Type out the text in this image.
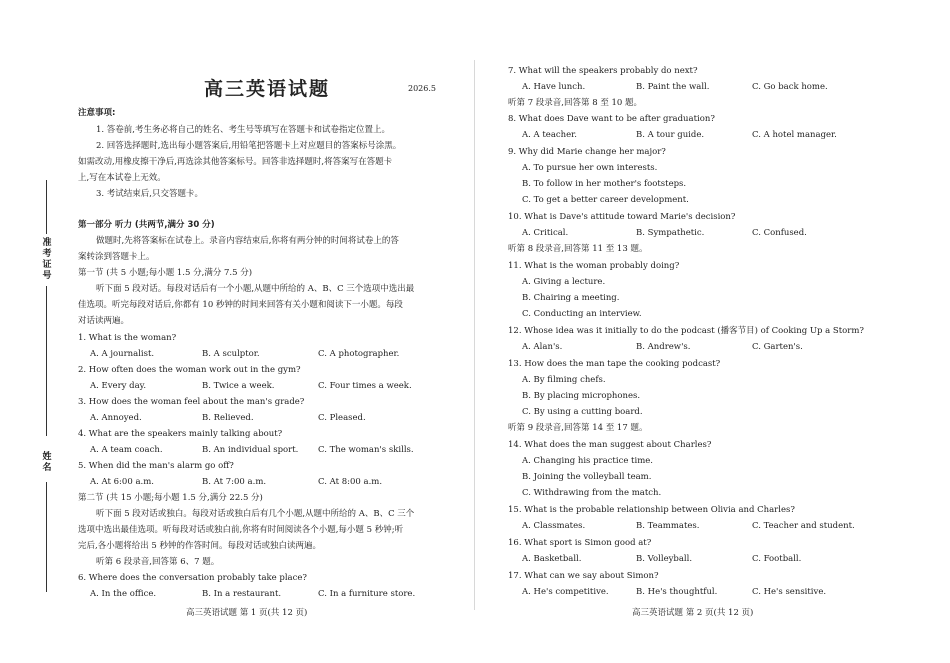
准考证号
姓名
高三英语试题	2026.5
注意事项:
1. 答卷前,考生务必将自己的姓名、考生号等填写在答题卡和试卷指定位置上。
2. 回答选择题时,选出每小题答案后,用铅笔把答题卡上对应题目的答案标号涂黑。
如需改动,用橡皮擦干净后,再选涂其他答案标号。回答非选择题时,将答案写在答题卡
上,写在本试卷上无效。
3. 考试结束后,只交答题卡。
第一部分 听力 (共两节,满分 30 分)
做题时,先将答案标在试卷上。录音内容结束后,你将有两分钟的时间将试卷上的答
案转涂到答题卡上。
第一节 (共 5 小题;每小题 1.5 分,满分 7.5 分)
听下面 5 段对话。每段对话后有一个小题,从题中所给的 A、B、C 三个选项中选出最
佳选项。听完每段对话后,你都有 10 秒钟的时间来回答有关小题和阅读下一小题。每段
对话读两遍。
1. What is the woman?
A. A journalist.	B. A sculptor.	C. A photographer.
2. How often does the woman work out in the gym?
A. Every day.	B. Twice a week.	C. Four times a week.
3. How does the woman feel about the man's grade?
A. Annoyed.	B. Relieved.	C. Pleased.
4. What are the speakers mainly talking about?
A. A team coach.	B. An individual sport. C. The woman's skills.
5. When did the man's alarm go off?
A. At 6:00 a.m.	B. At 7:00 a.m.	C. At 8:00 a.m.
第二节 (共 15 小题;每小题 1.5 分,满分 22.5 分)
听下面 5 段对话或独白。每段对话或独白后有几个小题,从题中所给的 A、B、C 三个
选项中选出最佳选项。听每段对话或独白前,你将有时间阅读各个小题,每小题 5 秒钟;听
完后,各小题将给出 5 秒钟的作答时间。每段对话或独白读两遍。
听第 6 段录音,回答第 6、7 题。
6. Where does the conversation probably take place?
A. In the office.	B. In a restaurant.	C. In a furniture store.
高三英语试题 第 1 页(共 12 页)
7. What will the speakers probably do next?
A. Have lunch.	B. Paint the wall.	C. Go back home.
听第 7 段录音,回答第 8 至 10 题。
8. What does Dave want to be after graduation?
A. A teacher.	B. A tour guide.	C. A hotel manager.
9. Why did Marie change her major?
A. To pursue her own interests.
B. To follow in her mother's footsteps.
C. To get a better career development.
10. What is Dave's attitude toward Marie's decision?
A. Critical.	B. Sympathetic.	C. Confused.
听第 8 段录音,回答第 11 至 13 题。
11. What is the woman probably doing?
A. Giving a lecture.
B. Chairing a meeting.
C. Conducting an interview.
12. Whose idea was it initially to do the podcast (播客节目) of Cooking Up a Storm?
A. Alan's.	B. Andrew's.	C. Garten's.
13. How does the man tape the cooking podcast?
A. By filming chefs.
B. By placing microphones.
C. By using a cutting board.
听第 9 段录音,回答第 14 至 17 题。
14. What does the man suggest about Charles?
A. Changing his practice time.
B. Joining the volleyball team.
C. Withdrawing from the match.
15. What is the probable relationship between Olivia and Charles?
A. Classmates.	B. Teammates.	C. Teacher and student.
16. What sport is Simon good at?
A. Basketball.	B. Volleyball.	C. Football.
17. What can we say about Simon?
A. He's competitive.	B. He's thoughtful.	C. He's sensitive.
高三英语试题 第 2 页(共 12 页)
